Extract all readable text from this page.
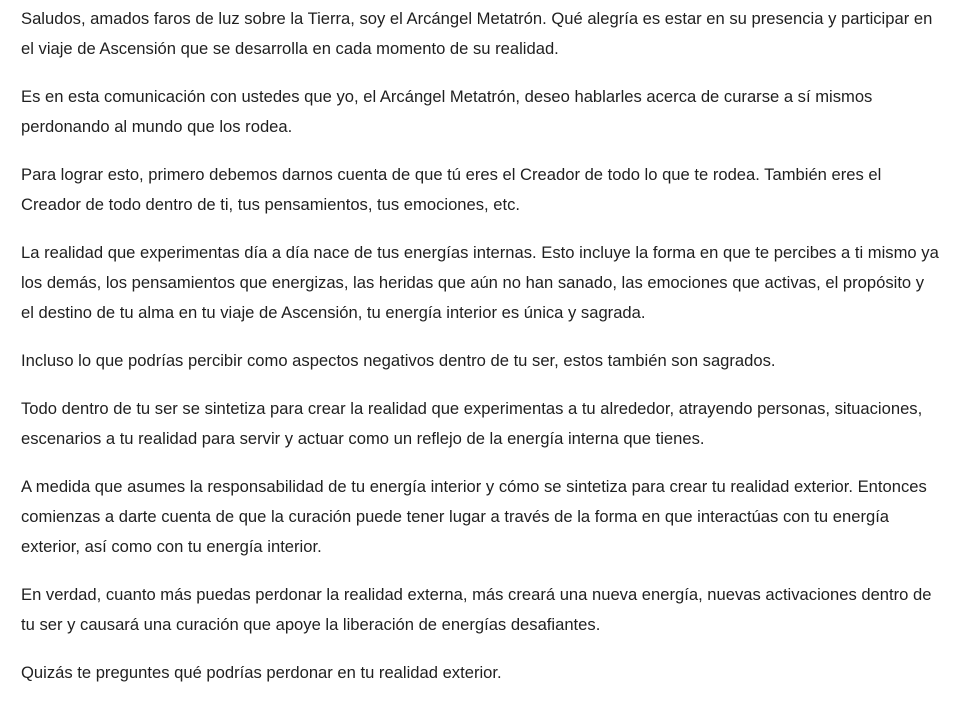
Saludos, amados faros de luz sobre la Tierra, soy el Arcángel Metatrón. Qué alegría es estar en su presencia y participar en el viaje de Ascensión que se desarrolla en cada momento de su realidad.

Es en esta comunicación con ustedes que yo, el Arcángel Metatrón, deseo hablarles acerca de curarse a sí mismos perdonando al mundo que los rodea.

Para lograr esto, primero debemos darnos cuenta de que tú eres el Creador de todo lo que te rodea. También eres el Creador de todo dentro de ti, tus pensamientos, tus emociones, etc.

La realidad que experimentas día a día nace de tus energías internas. Esto incluye la forma en que te percibes a ti mismo ya los demás, los pensamientos que energizas, las heridas que aún no han sanado, las emociones que activas, el propósito y el destino de tu alma en tu viaje de Ascensión, tu energía interior es única y sagrada.

Incluso lo que podrías percibir como aspectos negativos dentro de tu ser, estos también son sagrados.

Todo dentro de tu ser se sintetiza para crear la realidad que experimentas a tu alrededor, atrayendo personas, situaciones, escenarios a tu realidad para servir y actuar como un reflejo de la energía interna que tienes.

A medida que asumes la responsabilidad de tu energía interior y cómo se sintetiza para crear tu realidad exterior. Entonces comienzas a darte cuenta de que la curación puede tener lugar a través de la forma en que interactúas con tu energía exterior, así como con tu energía interior.

En verdad, cuanto más puedas perdonar la realidad externa, más creará una nueva energía, nuevas activaciones dentro de tu ser y causará una curación que apoye la liberación de energías desafiantes.

Quizás te preguntes qué podrías perdonar en tu realidad exterior.
